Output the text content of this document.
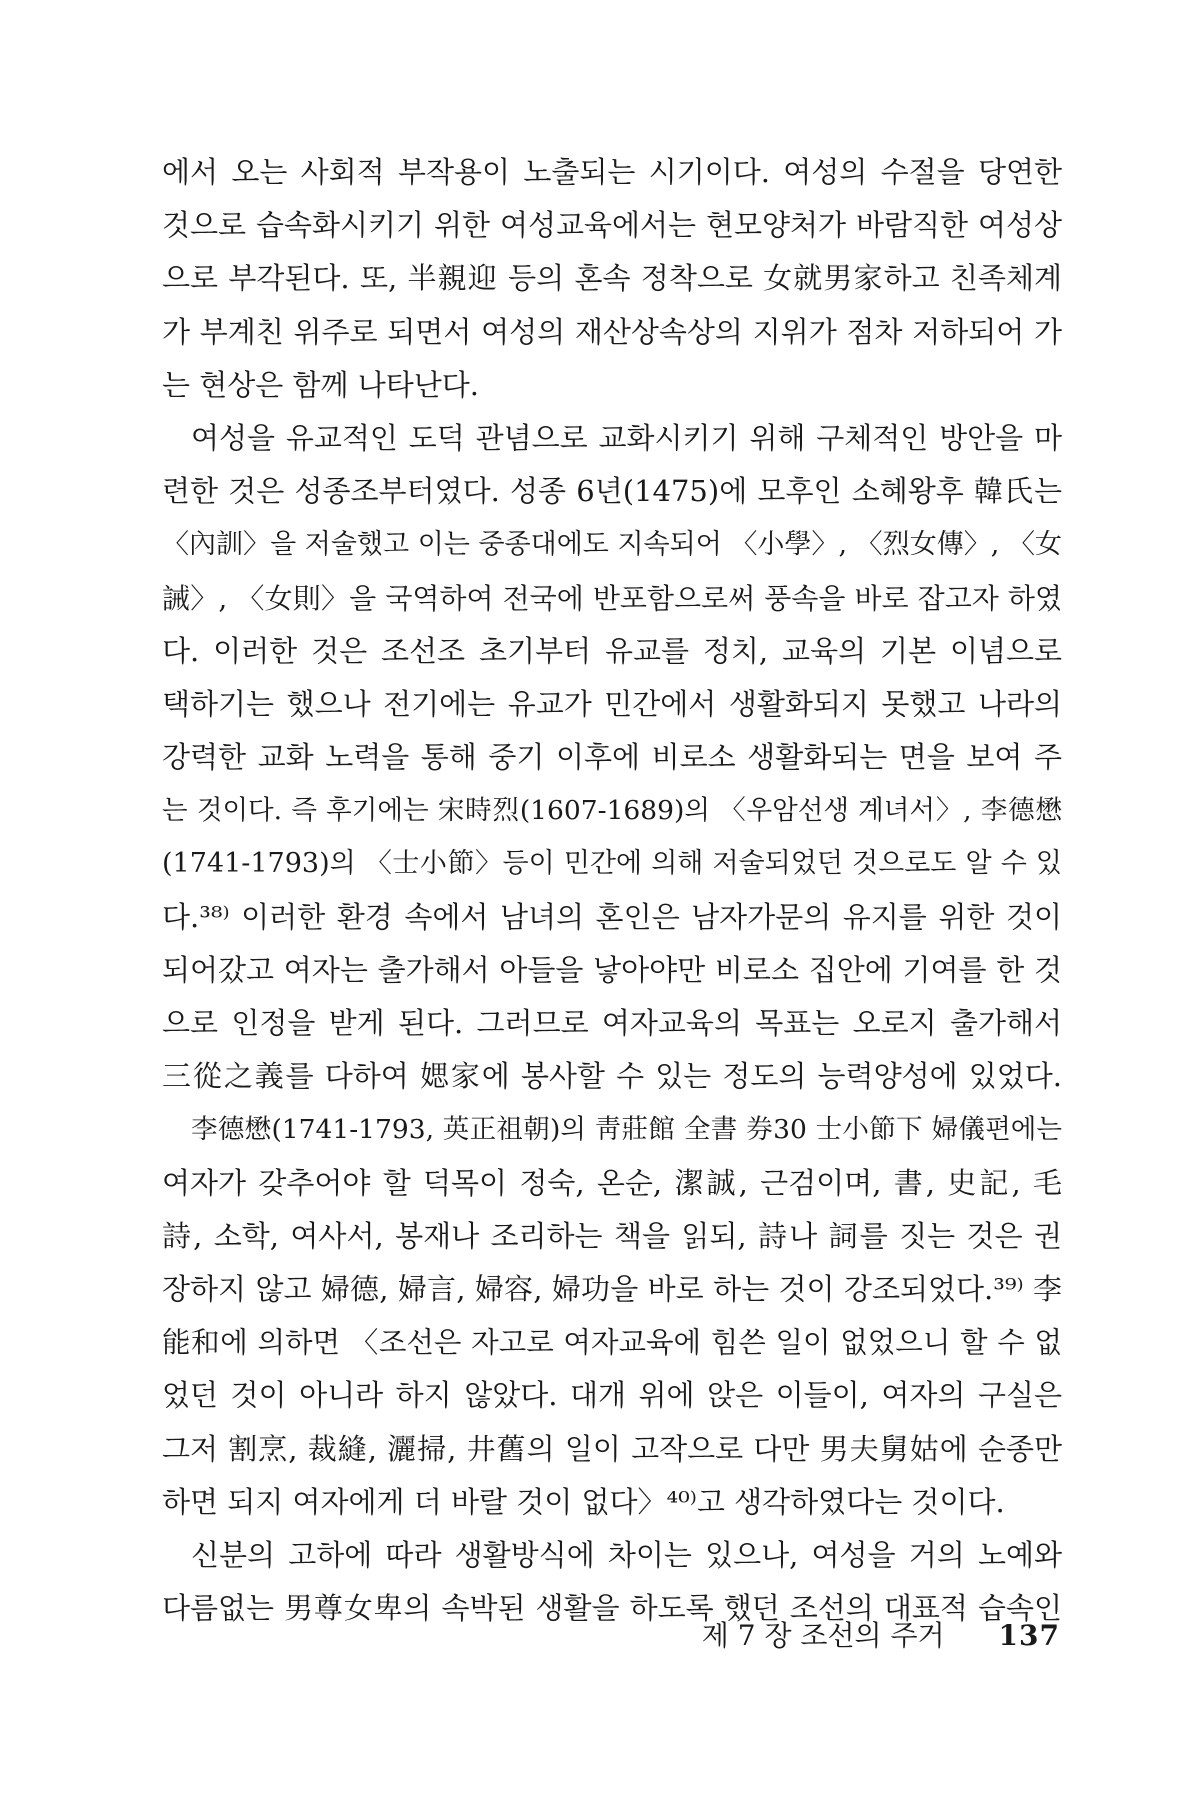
에서 오는 사회적 부작용이 노출되는 시기이다. 여성의 수절을 당연한
것으로 습속화시키기 위한 여성교육에서는 현모양처가 바람직한 여성상
으로 부각된다. 또, 半親迎 등의 혼속 정착으로 女就男家하고 친족체계
가 부계친 위주로 되면서 여성의 재산상속상의 지위가 점차 저하되어 가
는 현상은 함께 나타난다.
여성을 유교적인 도덕 관념으로 교화시키기 위해 구체적인 방안을 마
련한 것은 성종조부터였다. 성종 6년(1475)에 모후인 소혜왕후 韓氏는
〈內訓〉을 저술했고 이는 중종대에도 지속되어 〈小學〉, 〈烈女傳〉, 〈女
誡〉, 〈女則〉을 국역하여 전국에 반포함으로써 풍속을 바로 잡고자 하였
다. 이러한 것은 조선조 초기부터 유교를 정치, 교육의 기본 이념으로
택하기는 했으나 전기에는 유교가 민간에서 생활화되지 못했고 나라의
강력한 교화 노력을 통해 중기 이후에 비로소 생활화되는 면을 보여 주
는 것이다. 즉 후기에는 宋時烈(1607-1689)의 〈우암선생 계녀서〉, 李德懋
(1741-1793)의 〈士小節〉등이 민간에 의해 저술되었던 것으로도 알 수 있
다.³⁸⁾ 이러한 환경 속에서 남녀의 혼인은 남자가문의 유지를 위한 것이
되어갔고 여자는 출가해서 아들을 낳아야만 비로소 집안에 기여를 한 것
으로 인정을 받게 된다. 그러므로 여자교육의 목표는 오로지 출가해서
三從之義를 다하여 媤家에 봉사할 수 있는 정도의 능력양성에 있었다.
李德懋(1741-1793, 英正祖朝)의 靑莊館 全書 券30 士小節下 婦儀편에는
여자가 갖추어야 할 덕목이 정숙, 온순, 潔誠, 근검이며, 書, 史記, 毛
詩, 소학, 여사서, 봉재나 조리하는 책을 읽되, 詩나 詞를 짓는 것은 권
장하지 않고 婦德, 婦言, 婦容, 婦功을 바로 하는 것이 강조되었다.³⁹⁾ 李
能和에 의하면 〈조선은 자고로 여자교육에 힘쓴 일이 없었으니 할 수 없
었던 것이 아니라 하지 않았다. 대개 위에 앉은 이들이, 여자의 구실은
그저 割烹, 裁縫, 灑掃, 井舊의 일이 고작으로 다만 男夫舅姑에 순종만
하면 되지 여자에게 더 바랄 것이 없다〉⁴⁰⁾고 생각하였다는 것이다.
신분의 고하에 따라 생활방식에 차이는 있으나, 여성을 거의 노예와
다름없는 男尊女卑의 속박된 생활을 하도록 했던 조선의 대표적 습속인
제 7 장 조선의 주거 137
